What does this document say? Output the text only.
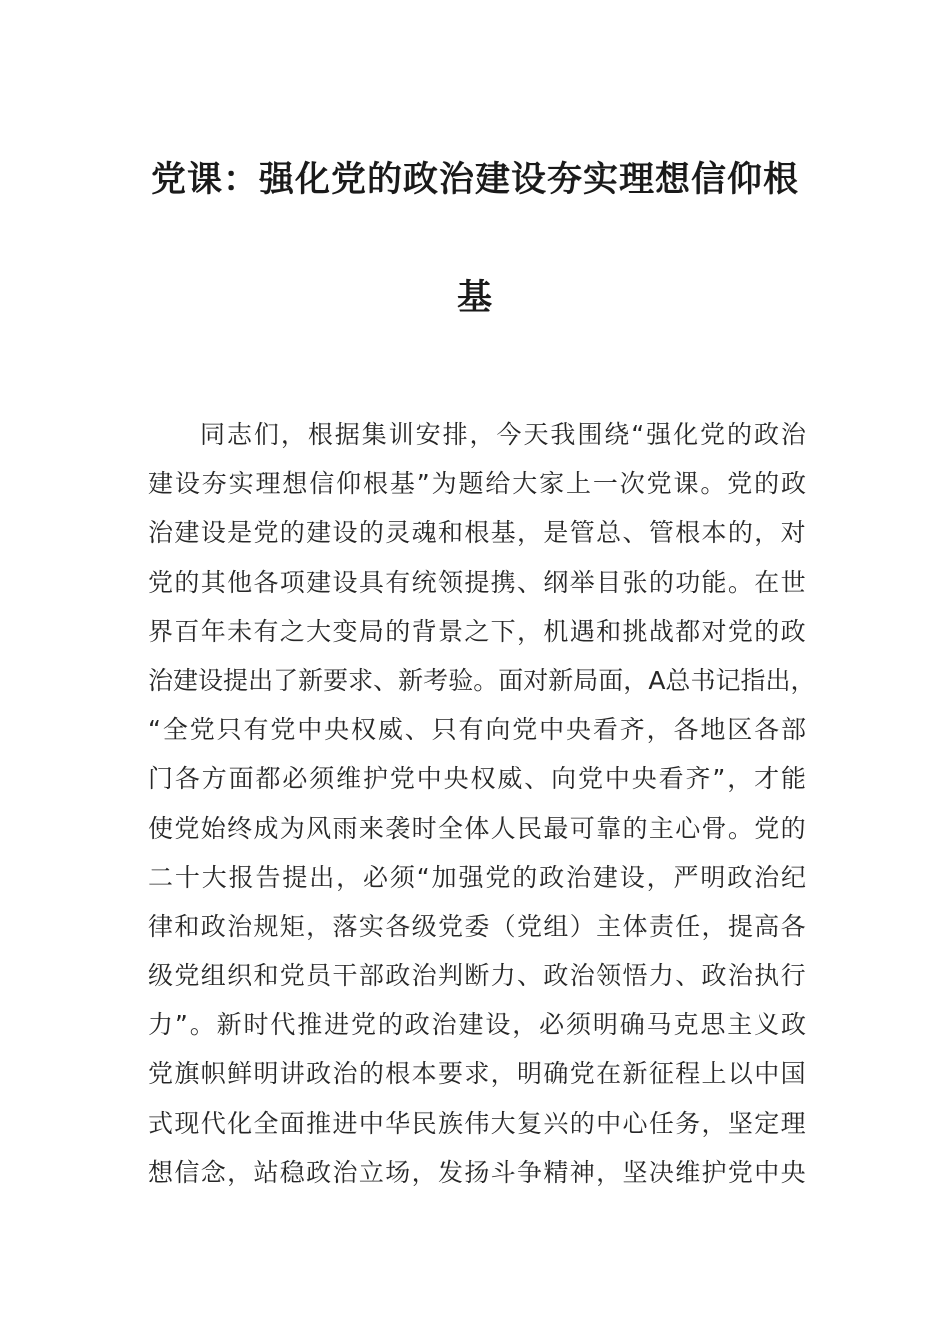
党课：强化党的政治建设夯实理想信仰根
基
同 志 们 ， 根 据 集 训 安 排 ， 今 天 我 围 绕 “ 强 化 党 的 政 治
建 设 夯 实 理 想 信 仰 根 基 ” 为 题 给 大 家 上 一 次 党 课 。 党 的 政
治 建 设 是 党 的 建 设 的 灵 魂 和 根 基 ， 是 管 总 、 管 根 本 的 ， 对
党 的 其 他 各 项 建 设 具 有 统 领 提 携 、 纲 举 目 张 的 功 能 。 在 世
界 百 年 未 有 之 大 变 局 的 背 景 之 下 ， 机 遇 和 挑 战 都 对 党 的 政
治 建 设 提 出 了 新 要 求 、 新 考 验 。 面 对 新 局 面 ， A 总 书 记 指 出 ，
“ 全 党 只 有 党 中 央 权 威 、 只 有 向 党 中 央 看 齐 ， 各 地 区 各 部
门 各 方 面 都 必 须 维 护 党 中 央 权 威 、 向 党 中 央 看 齐 ” ， 才 能
使 党 始 终 成 为 风 雨 来 袭 时 全 体 人 民 最 可 靠 的 主 心 骨 。 党 的
二 十 大 报 告 提 出 ， 必 须 “ 加 强 党 的 政 治 建 设 ， 严 明 政 治 纪
律 和 政 治 规 矩 ， 落 实 各 级 党 委 （ 党 组 ） 主 体 责 任 ， 提 高 各
级 党 组 织 和 党 员 干 部 政 治 判 断 力 、 政 治 领 悟 力 、 政 治 执 行
力 ” 。 新 时 代 推 进 党 的 政 治 建 设 ， 必 须 明 确 马 克 思 主 义 政
党 旗 帜 鲜 明 讲 政 治 的 根 本 要 求 ， 明 确 党 在 新 征 程 上 以 中 国
式 现 代 化 全 面 推 进 中 华 民 族 伟 大 复 兴 的 中 心 任 务 ， 坚 定 理
想 信 念 ， 站 稳 政 治 立 场 ， 发 扬 斗 争 精 神 ， 坚 决 维 护 党 中 央
